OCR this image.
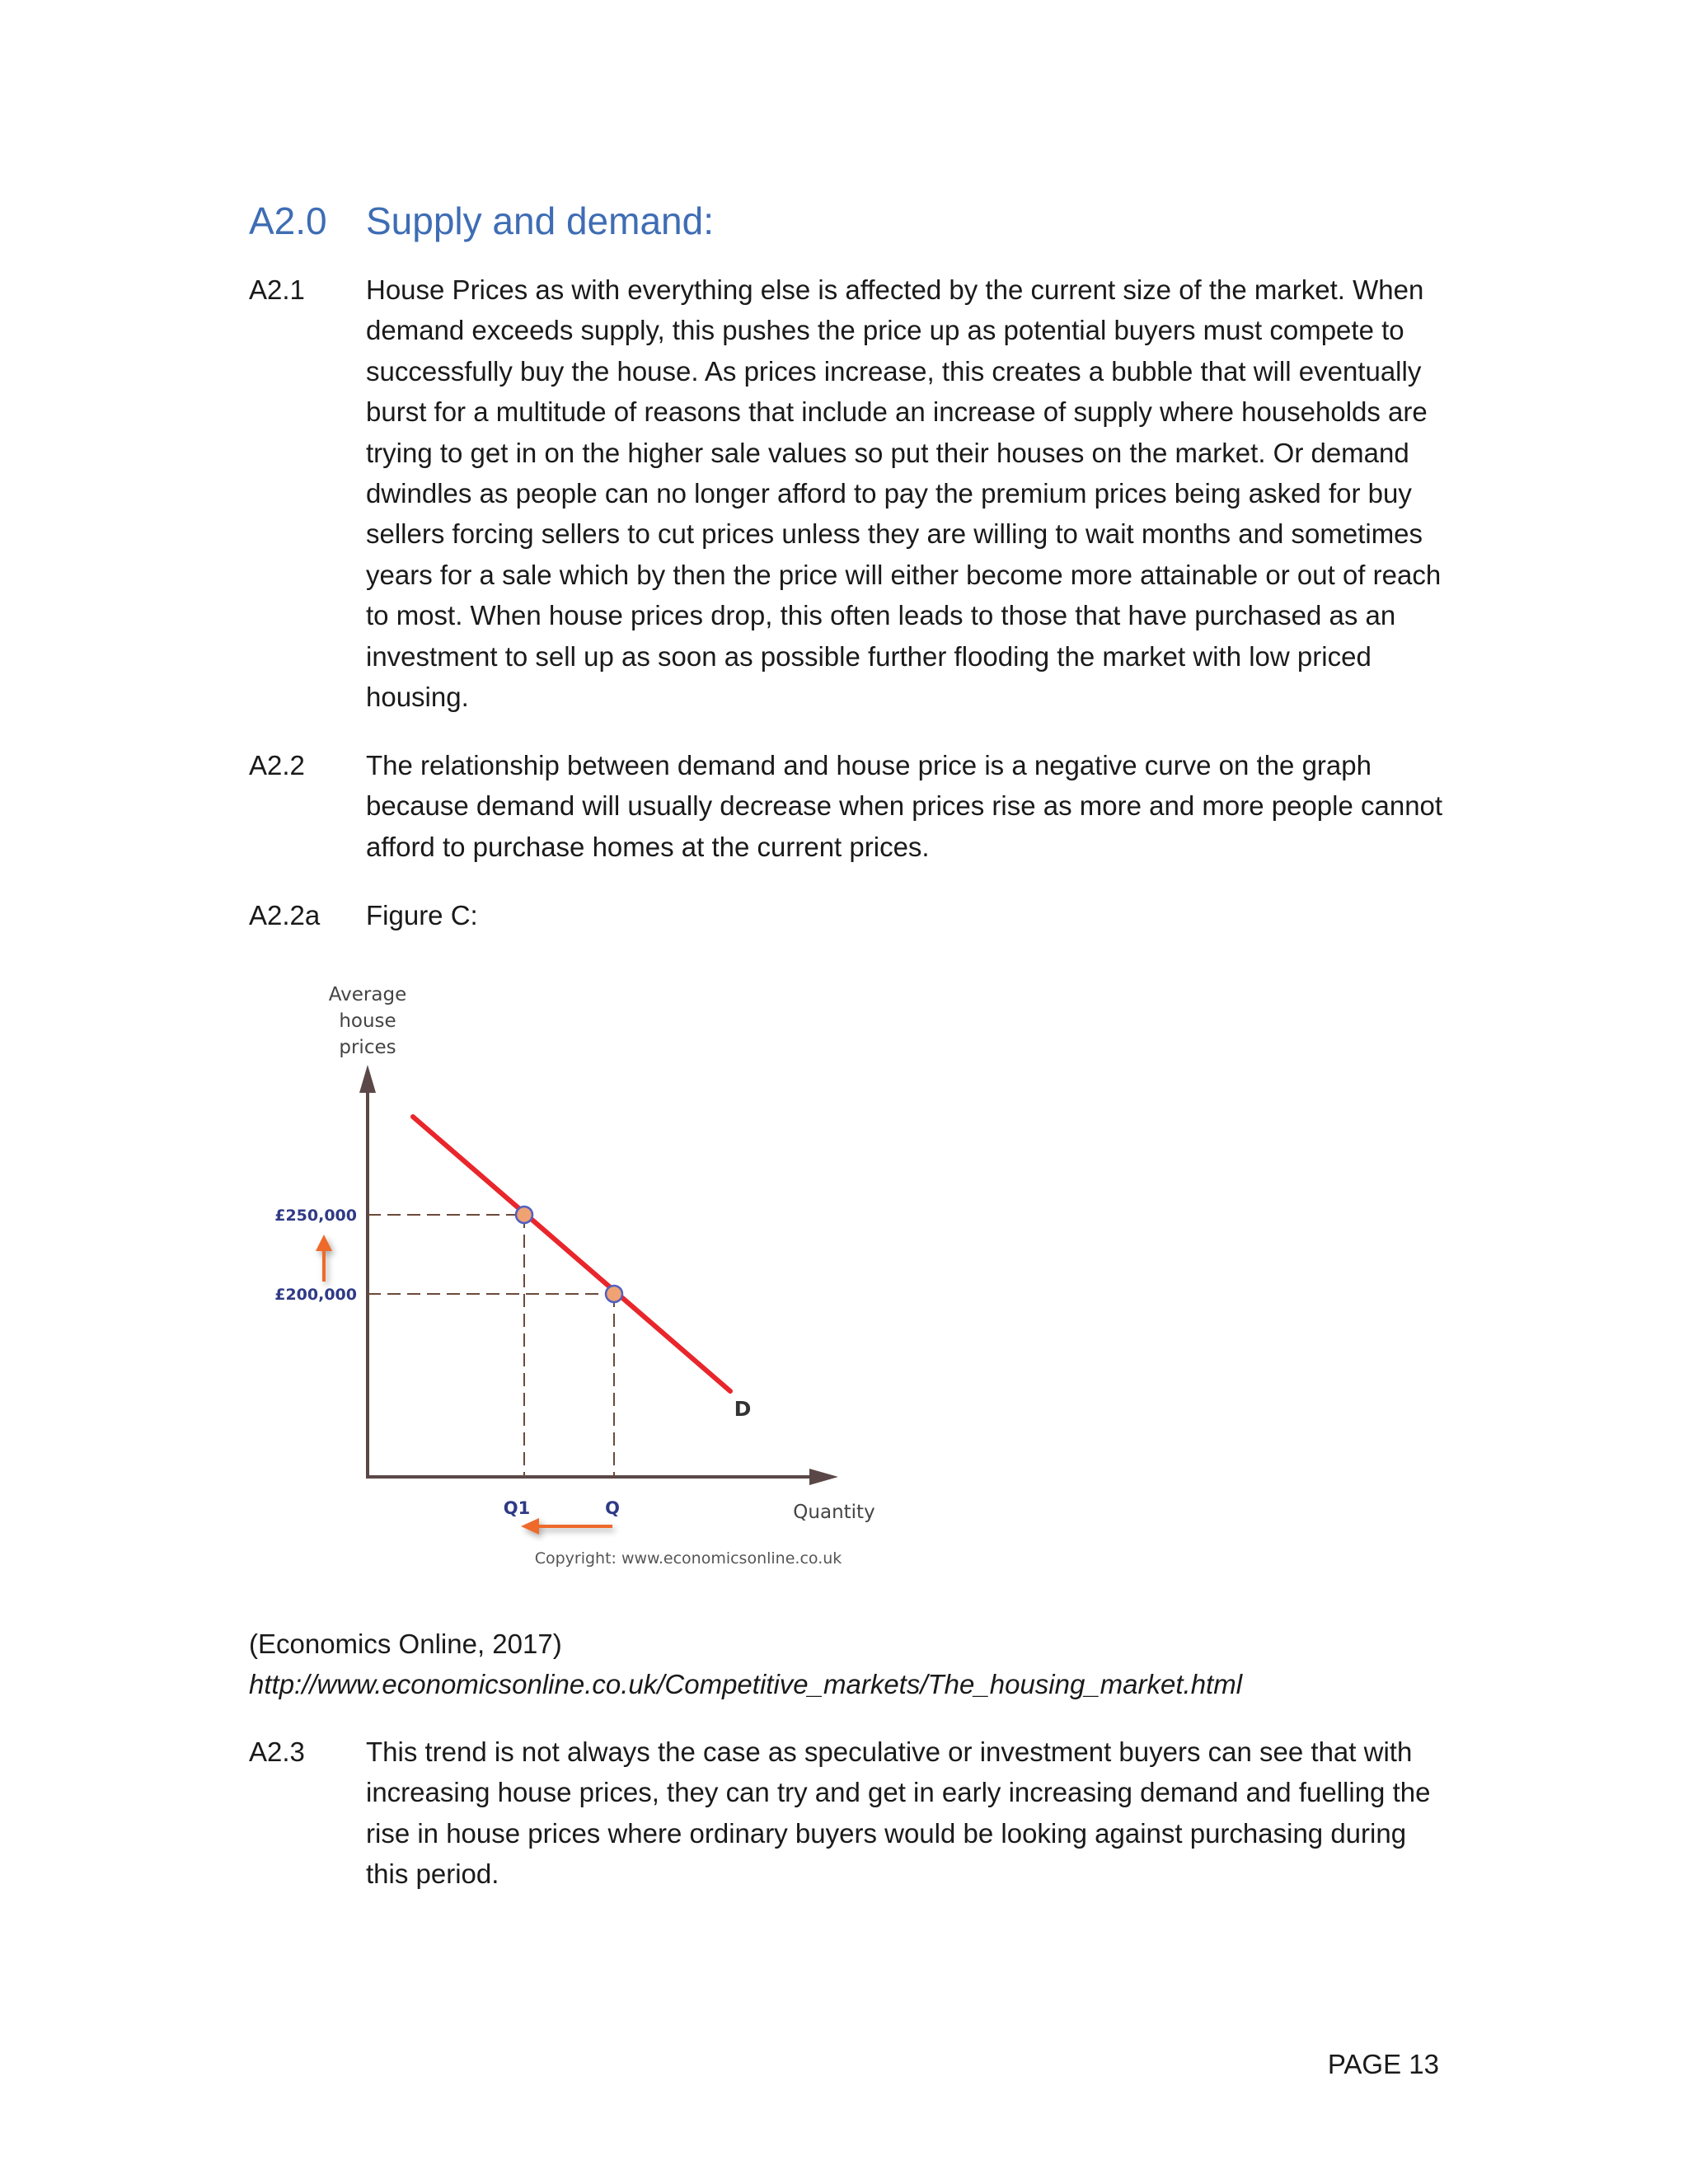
A2.0 Supply and demand:
A2.1 House Prices as with everything else is affected by the current size of the market. When demand exceeds supply, this pushes the price up as potential buyers must compete to successfully buy the house. As prices increase, this creates a bubble that will eventually burst for a multitude of reasons that include an increase of supply where households are trying to get in on the higher sale values so put their houses on the market. Or demand dwindles as people can no longer afford to pay the premium prices being asked for buy sellers forcing sellers to cut prices unless they are willing to wait months and sometimes years for a sale which by then the price will either become more attainable or out of reach to most. When house prices drop, this often leads to those that have purchased as an investment to sell up as soon as possible further flooding the market with low priced housing.
A2.2 The relationship between demand and house price is a negative curve on the graph because demand will usually decrease when prices rise as more and more people cannot afford to purchase homes at the current prices.
A2.2a Figure C:
Average
house
prices
Quantity
D
£250,000
£200,000
Q1	Q
Copyright: www.economicsonline.co.uk
(Economics Online, 2017)
http://www.economicsonline.co.uk/Competitive_markets/The_housing_market.html
A2.3 This trend is not always the case as speculative or investment buyers can see that with increasing house prices, they can try and get in early increasing demand and fuelling the rise in house prices where ordinary buyers would be looking against purchasing during this period.
PAGE 13
